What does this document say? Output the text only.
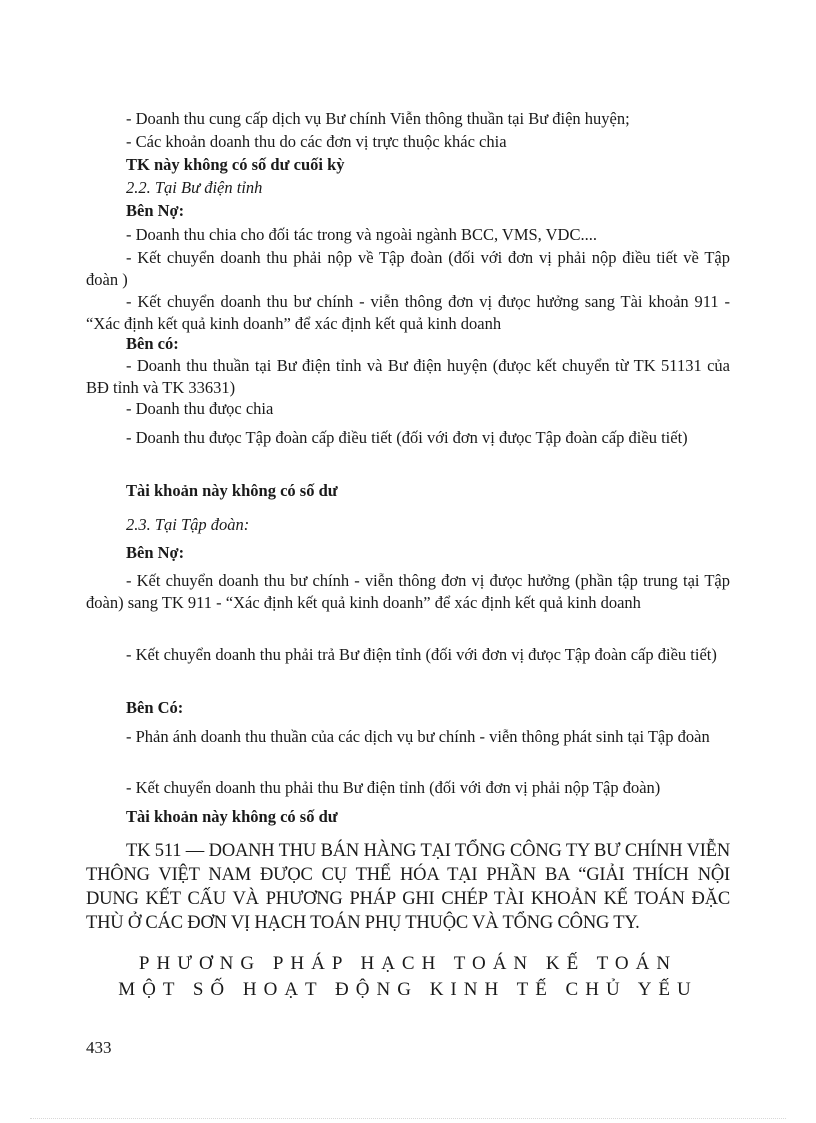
- Doanh thu cung cấp dịch vụ Bư chính Viễn thông thuần tại Bư điện huyện;
- Các khoản doanh thu do các đơn vị trực thuộc khác chia
TK này không có số dư cuối kỳ
2.2. Tại Bư điện tỉnh
Bên Nợ:
- Doanh thu chia cho đối tác trong và ngoài ngành BCC, VMS, VDC....
- Kết chuyển doanh thu phải nộp về Tập đoàn (đối với đơn vị phải nộp điều tiết về Tập đoàn )
- Kết chuyển doanh thu bư chính - viễn thông đơn vị đưọc hưởng sang Tài khoản 911 - “Xác định kết quả kinh doanh” để xác định kết quả kinh doanh
Bên có:
- Doanh thu thuần tại Bư điện tỉnh và Bư điện huyện (đưọc kết chuyển từ TK 51131 của BĐ tỉnh và TK 33631)
- Doanh thu đưọc chia
- Doanh thu đưọc Tập đoàn cấp điều tiết (đối với đơn vị đưọc Tập đoàn cấp điều tiết)
Tài khoản này không có số dư
2.3. Tại Tập đoàn:
Bên Nợ:
- Kết chuyển doanh thu bư chính - viễn thông đơn vị đưọc hưởng (phần tập trung tại Tập đoàn) sang TK 911 - “Xác định kết quả kinh doanh” để xác định kết quả kinh doanh
- Kết chuyển doanh thu phải trả Bư điện tỉnh (đối với đơn vị đưọc Tập đoàn cấp điều tiết)
Bên Có:
- Phản ánh doanh thu thuần của các dịch vụ bư chính - viễn thông phát sinh tại Tập đoàn
- Kết chuyển doanh thu phải thu Bư điện tỉnh (đối với đơn vị phải nộp Tập đoàn)
Tài khoản này không có số dư
TK 511 — DOANH THU BÁN HÀNG TẠI TỔNG CÔNG TY BƯ CHÍNH VIỄN THÔNG VIỆT NAM ĐƯỌC CỤ THỂ HÓA TẠI PHẦN BA “GIẢI THÍCH NỘI DUNG KẾT CẤU VÀ PHƯƠNG PHÁP GHI CHÉP TÀI KHOẢN KẾ TOÁN ĐẶC THÙ Ở CÁC ĐƠN VỊ HẠCH TOÁN PHỤ THUỘC VÀ TỔNG CÔNG TY.
PHƯƠNG PHÁP HẠCH TOÁN KẾ TOÁN
MỘT SỐ HOẠT ĐỘNG KINH TẾ CHỦ YẾU
433
